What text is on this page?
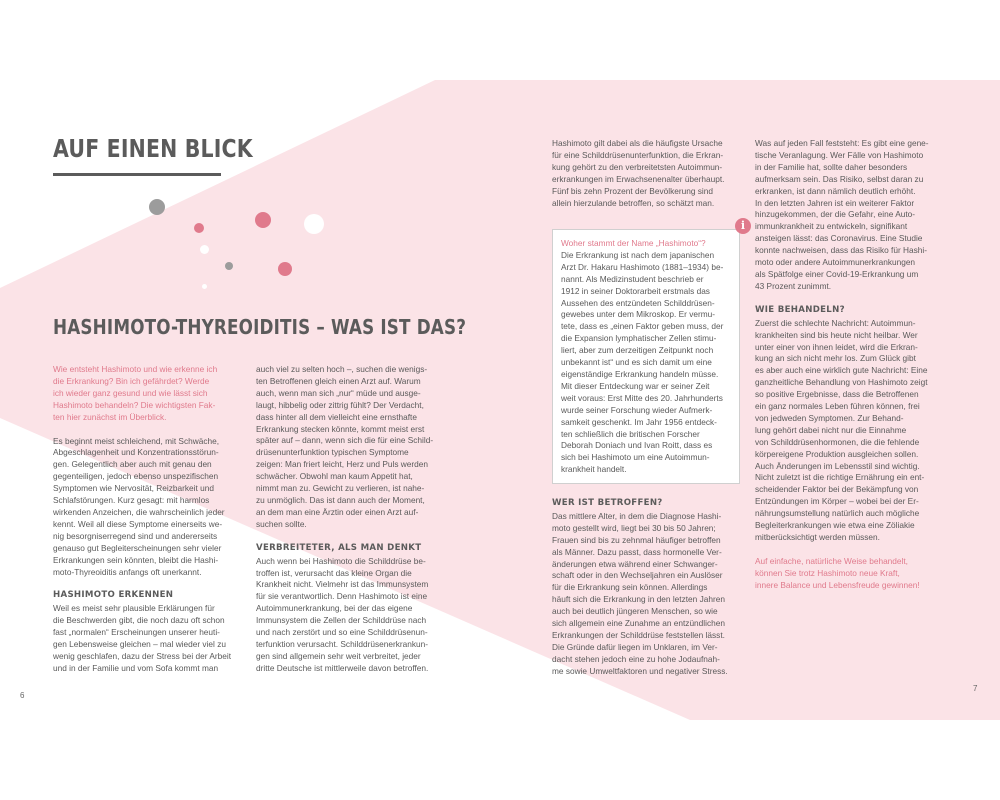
AUF EINEN BLICK
HASHIMOTO-THYREOIDITIS – WAS IST DAS?

Wie entsteht Hashimoto und wie erkenne ich
die Erkrankung? Bin ich gefährdet? Werde
ich wieder ganz gesund und wie lässt sich
Hashimoto behandeln? Die wichtigsten Fak-
ten hier zunächst im Überblick.

Es beginnt meist schleichend, mit Schwäche,
Abgeschlagenheit und Konzentrationsstörun-
gen. Gelegentlich aber auch mit genau den
gegenteiligen, jedoch ebenso unspezifischen
Symptomen wie Nervosität, Reizbarkeit und
Schlafstörungen. Kurz gesagt: mit harmlos
wirkenden Anzeichen, die wahrscheinlich jeder
kennt. Weil all diese Symptome einerseits we-
nig besorgniserregend sind und andererseits
genauso gut Begleiterscheinungen sehr vieler
Erkrankungen sein könnten, bleibt die Hashi-
moto-Thyreoiditis anfangs oft unerkannt.

HASHIMOTO ERKENNEN

Weil es meist sehr plausible Erklärungen für
die Beschwerden gibt, die noch dazu oft schon
fast „normalen“ Erscheinungen unserer heuti-
gen Lebensweise gleichen – mal wieder viel zu
wenig geschlafen, dazu der Stress bei der Arbeit
und in der Familie und vom Sofa kommt man

auch viel zu selten hoch –, suchen die wenigs-
ten Betroffenen gleich einen Arzt auf. Warum
auch, wenn man sich „nur“ müde und ausge-
laugt, hibbelig oder zittrig fühlt? Der Verdacht,
dass hinter all dem vielleicht eine ernsthafte
Erkrankung stecken könnte, kommt meist erst
später auf – dann, wenn sich die für eine Schild-
drüsenunterfunktion typischen Symptome
zeigen: Man friert leicht, Herz und Puls werden
schwächer. Obwohl man kaum Appetit hat,
nimmt man zu. Gewicht zu verlieren, ist nahe-
zu unmöglich. Das ist dann auch der Moment,
an dem man eine Ärztin oder einen Arzt auf-
suchen sollte.

VERBREITETER, ALS MAN DENKT

Auch wenn bei Hashimoto die Schilddrüse be-
troffen ist, verursacht das kleine Organ die
Krankheit nicht. Vielmehr ist das Immunsystem
für sie verantwortlich. Denn Hashimoto ist eine
Autoimmunerkrankung, bei der das eigene
Immunsystem die Zellen der Schilddrüse nach
und nach zerstört und so eine Schilddrüsenun-
terfunktion verursacht. Schilddrüsenerkrankun-
gen sind allgemein sehr weit verbreitet, jeder
dritte Deutsche ist mittlerweile davon betroffen.

Hashimoto gilt dabei als die häufigste Ursache
für eine Schilddrüsenunterfunktion, die Erkran-
kung gehört zu den verbreitetsten Autoimmun-
erkrankungen im Erwachsenenalter überhaupt.
Fünf bis zehn Prozent der Bevölkerung sind
allein hierzulande betroffen, so schätzt man.

Woher stammt der Name „Hashimoto“?

Die Erkrankung ist nach dem japanischen
Arzt Dr. Hakaru Hashimoto (1881–1934) be-
nannt. Als Medizinstudent beschrieb er
1912 in seiner Doktorarbeit erstmals das
Aussehen des entzündeten Schilddrüsen-
gewebes unter dem Mikroskop. Er vermu-
tete, dass es „einen Faktor geben muss, der
die Expansion lymphatischer Zellen stimu-
liert, aber zum derzeitigen Zeitpunkt noch
unbekannt ist“ und es sich damit um eine
eigenständige Erkrankung handeln müsse.
Mit dieser Entdeckung war er seiner Zeit
weit voraus: Erst Mitte des 20. Jahrhunderts
wurde seiner Forschung wieder Aufmerk-
samkeit geschenkt. Im Jahr 1956 entdeck-
ten schließlich die britischen Forscher
Deborah Doniach und Ivan Roitt, dass es
sich bei Hashimoto um eine Autoimmun-
krankheit handelt.

i
WER IST BETROFFEN?

Das mittlere Alter, in dem die Diagnose Hashi-
moto gestellt wird, liegt bei 30 bis 50 Jahren;
Frauen sind bis zu zehnmal häufiger betroffen
als Männer. Dazu passt, dass hormonelle Ver-
änderungen etwa während einer Schwanger-
schaft oder in den Wechseljahren ein Auslöser
für die Erkrankung sein können. Allerdings
häuft sich die Erkrankung in den letzten Jahren
auch bei deutlich jüngeren Menschen, so wie
sich allgemein eine Zunahme an entzündlichen
Erkrankungen der Schilddrüse feststellen lässt.
Die Gründe dafür liegen im Unklaren, im Ver-
dacht stehen jedoch eine zu hohe Jodaufnah-
me sowie Umweltfaktoren und negativer Stress.

Was auf jeden Fall feststeht: Es gibt eine gene-
tische Veranlagung. Wer Fälle von Hashimoto
in der Familie hat, sollte daher besonders
aufmerksam sein. Das Risiko, selbst daran zu
erkranken, ist dann nämlich deutlich erhöht.
In den letzten Jahren ist ein weiterer Faktor
hinzugekommen, der die Gefahr, eine Auto-
immunkrankheit zu entwickeln, signifikant
ansteigen lässt: das Coronavirus. Eine Studie
konnte nachweisen, dass das Risiko für Hashi-
moto oder andere Autoimmunerkrankungen
als Spätfolge einer Covid-19-Erkrankung um
43 Prozent zunimmt.

WIE BEHANDELN?

Zuerst die schlechte Nachricht: Autoimmun-
krankheiten sind bis heute nicht heilbar. Wer
unter einer von ihnen leidet, wird die Erkran-
kung an sich nicht mehr los. Zum Glück gibt
es aber auch eine wirklich gute Nachricht: Eine
ganzheitliche Behandlung von Hashimoto zeigt
so positive Ergebnisse, dass die Betroffenen
ein ganz normales Leben führen können, frei
von jedweden Symptomen. Zur Behand-
lung gehört dabei nicht nur die Einnahme
von Schilddrüsenhormonen, die die fehlende
körpereigene Produktion ausgleichen sollen.
Auch Änderungen im Lebensstil sind wichtig.
Nicht zuletzt ist die richtige Ernährung ein ent-
scheidender Faktor bei der Bekämpfung von
Entzündungen im Körper – wobei bei der Er-
nährungsumstellung natürlich auch mögliche
Begleiterkrankungen wie etwa eine Zöliakie
mitberücksichtigt werden müssen.

Auf einfache, natürliche Weise behandelt,
können Sie trotz Hashimoto neue Kraft,
innere Balance und Lebensfreude gewinnen!

6
7
